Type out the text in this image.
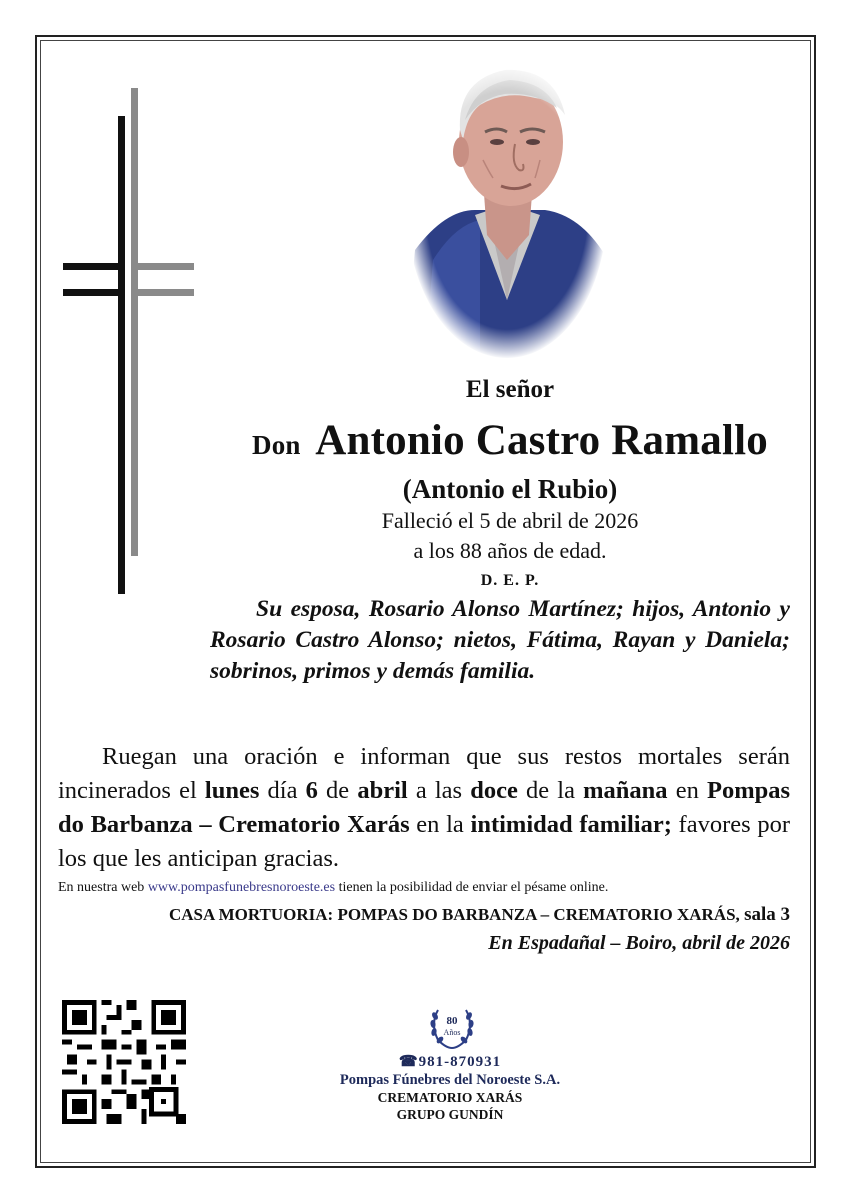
El señor
Don Antonio Castro Ramallo
(Antonio el Rubio)
Falleció el 5 de abril de 2026
a los 88 años de edad.
D. E. P.
Su esposa, Rosario Alonso Martínez; hijos, Antonio y Rosario Castro Alonso; nietos, Fátima, Rayan y Daniela; sobrinos, primos y demás familia.
Ruegan una oración e informan que sus restos mortales serán incinerados el lunes día 6 de abril a las doce de la mañana en Pompas do Barbanza – Crematorio Xarás en la intimidad familiar; favores por los que les anticipan gracias.
En nuestra web www.pompasfunebresnoroeste.es tienen la posibilidad de enviar el pésame online.
CASA MORTUORIA: POMPAS DO BARBANZA – CREMATORIO XARÁS, sala 3
En Espadañal – Boiro, abril de 2026
80
Años
☎981-870931
Pompas Fúnebres del Noroeste S.A.
CREMATORIO XARÁS
GRUPO GUNDÍN
